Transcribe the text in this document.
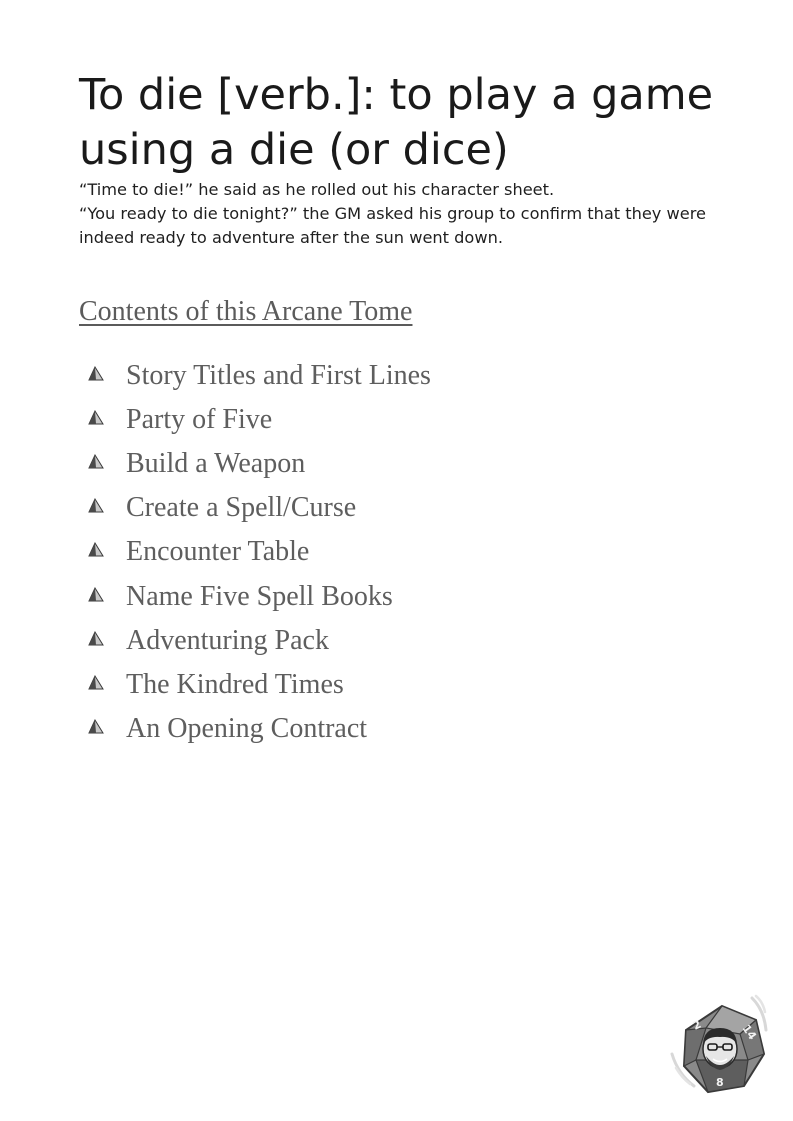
To die [verb.]: to play a game using a die (or dice)

“Time to die!” he said as he rolled out his character sheet.

“You ready to die tonight?” the GM asked his group to confirm that they were indeed ready to adventure after the sun went down.

Contents of this Arcane Tome
Story Titles and First Lines
Party of Five
Build a Weapon
Create a Spell/Curse
Encounter Table
Name Five Spell Books
Adventuring Pack
The Kindred Times
An Opening Contract
2	14
8
